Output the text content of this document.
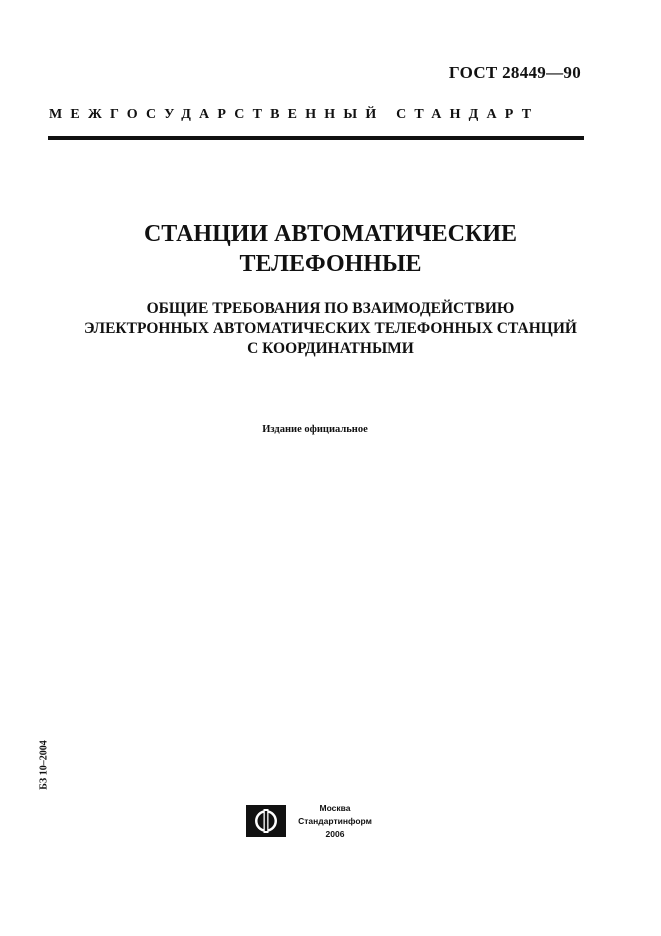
ГОСТ 28449—90
МЕЖГОСУДАРСТВЕННЫЙ СТАНДАРТ
СТАНЦИИ АВТОМАТИЧЕСКИЕ
ТЕЛЕФОННЫЕ
ОБЩИЕ ТРЕБОВАНИЯ ПО ВЗАИМОДЕЙСТВИЮ
ЭЛЕКТРОННЫХ АВТОМАТИЧЕСКИХ ТЕЛЕФОННЫХ СТАНЦИЙ
С КООРДИНАТНЫМИ
Издание официальное
БЗ 10–2004
Москва
Стандартинформ
2006
